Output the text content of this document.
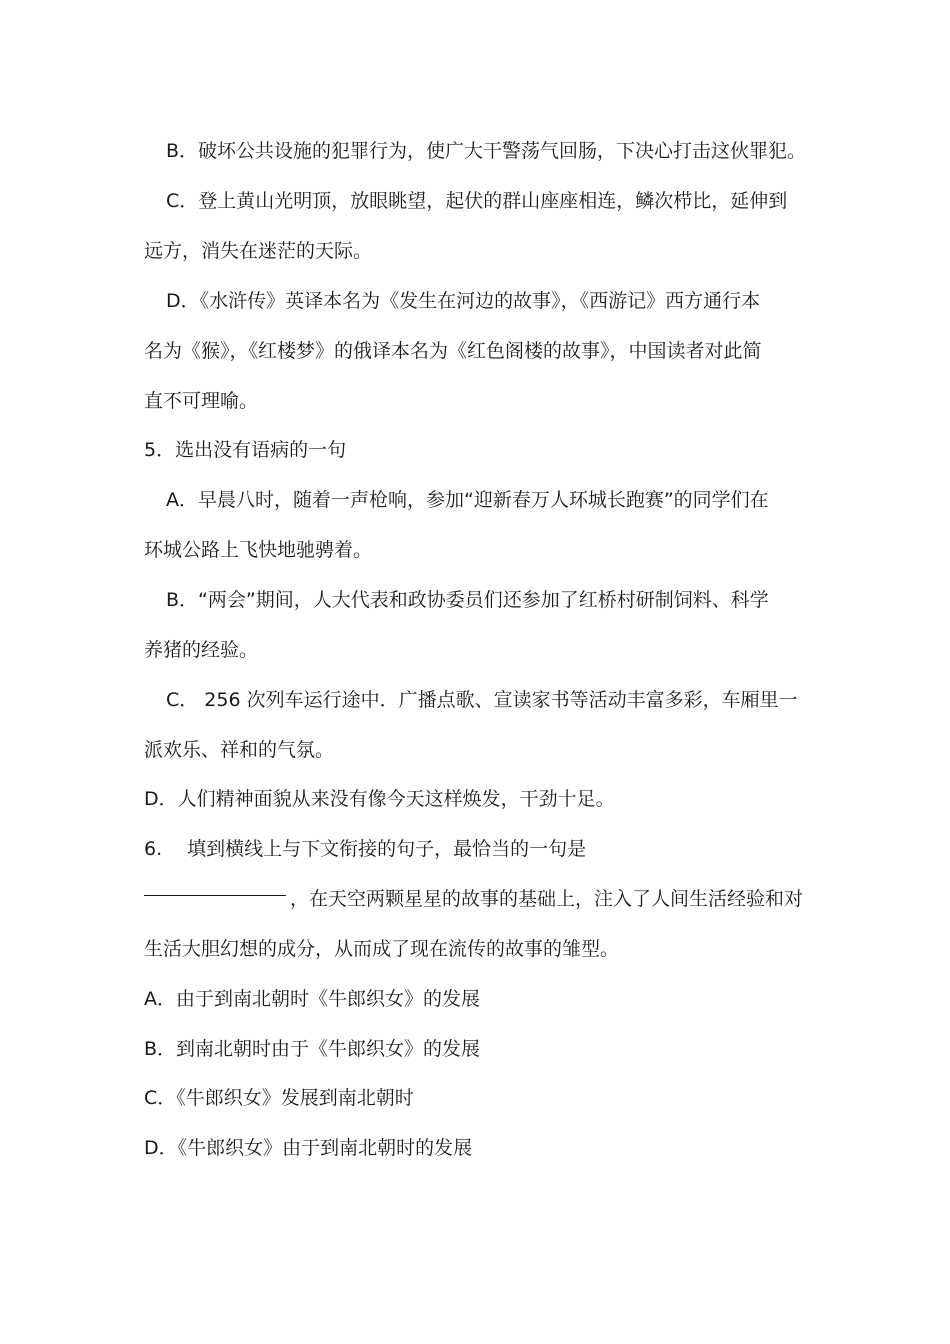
B．破坏公共设施的犯罪行为，使广大干警荡气回肠，下决心打击这伙罪犯。
C．登上黄山光明顶，放眼眺望，起伏的群山座座相连，鳞次栉比，延伸到
远方，消失在迷茫的天际。
D．《水浒传》英译本名为《发生在河边的故事》，《西游记》西方通行本
名为《猴》，《红楼梦》的俄译本名为《红色阁楼的故事》，中国读者对此简
直不可理喻。
5．选出没有语病的一句
A．早晨八时，随着一声枪响，参加“迎新春万人环城长跑赛”的同学们在
环城公路上飞快地驰骋着。
B．“两会”期间，人大代表和政协委员们还参加了红桥村研制饲料、科学
养猪的经验。
C． 256 次列车运行途中．广播点歌、宣读家书等活动丰富多彩，车厢里一
派欢乐、祥和的气氛。
D．人们精神面貌从来没有像今天这样焕发，干劲十足。
6.　 填到横线上与下文衔接的句子，最恰当的一句是
，在天空两颗星星的故事的基础上，注入了人间生活经验和对
生活大胆幻想的成分，从而成了现在流传的故事的雏型。
A．由于到南北朝时《牛郎织女》的发展
B．到南北朝时由于《牛郎织女》的发展
C．《牛郎织女》发展到南北朝时
D．《牛郎织女》由于到南北朝时的发展
